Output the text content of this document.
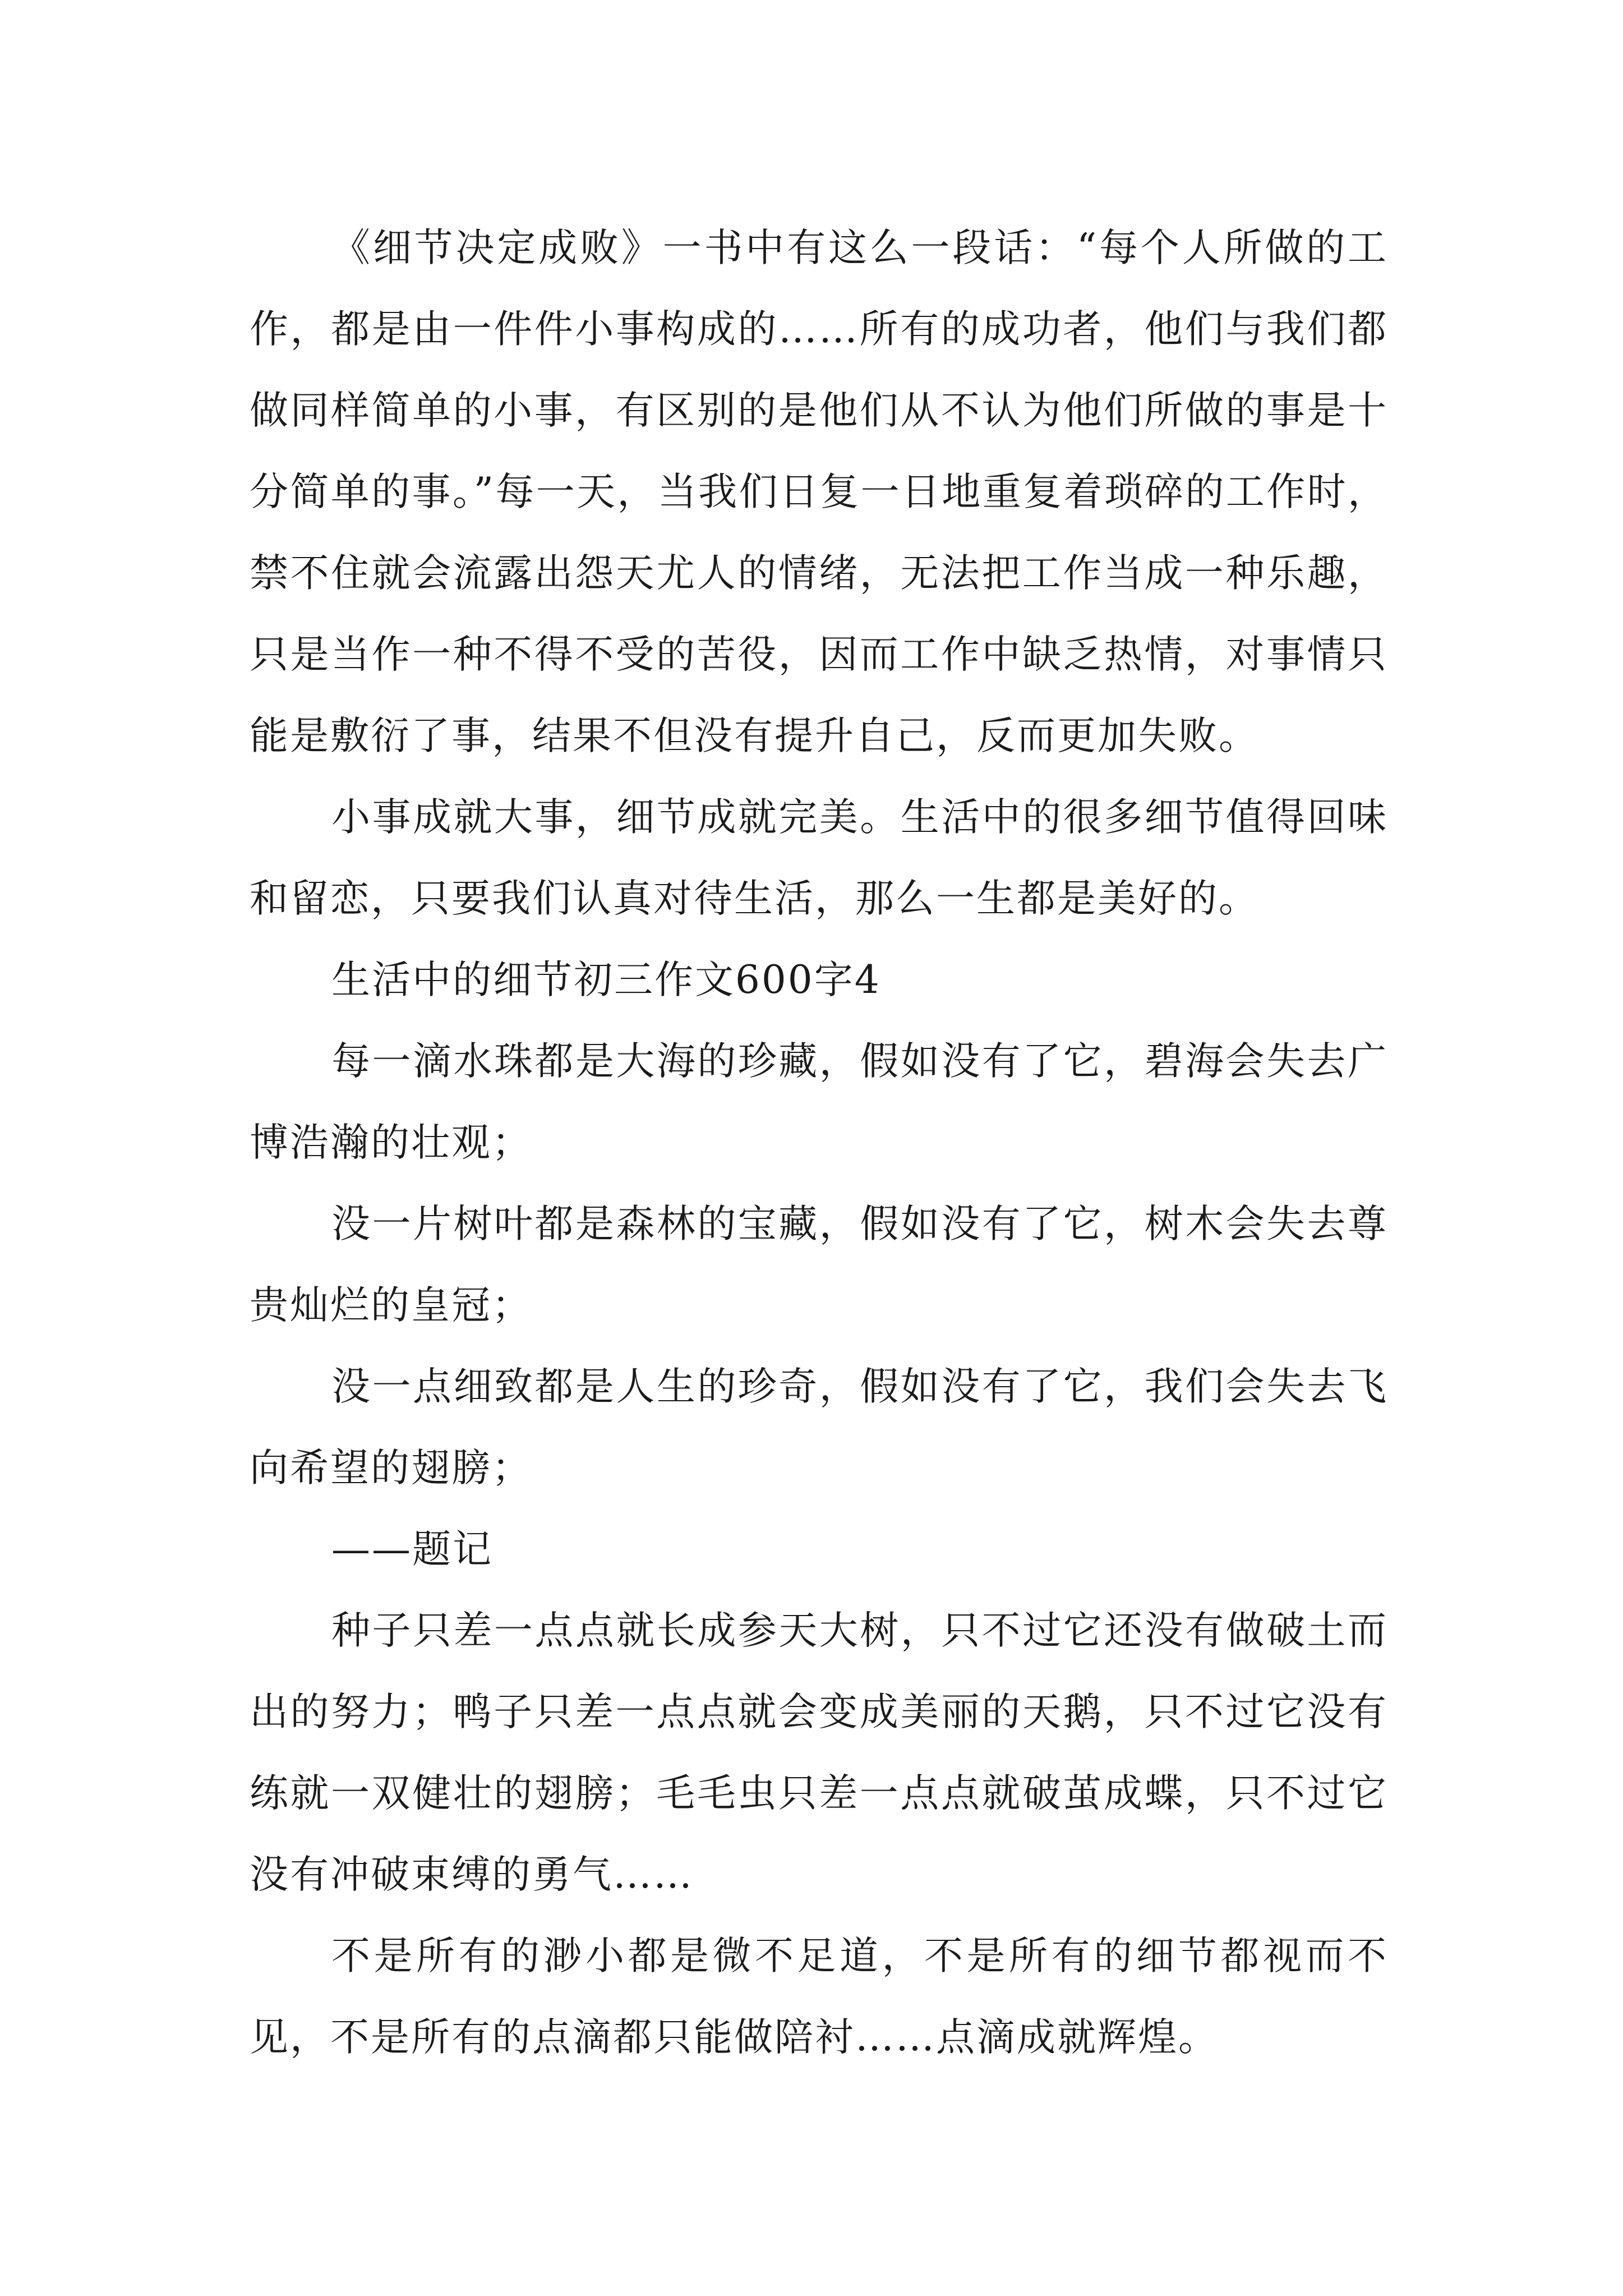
《细节决定成败》一书中有这么一段话：“每个人所做的工作，都是由一件件小事构成的……所有的成功者，他们与我们都做同样简单的小事，有区别的是他们从不认为他们所做的事是十分简单的事。”每一天，当我们日复一日地重复着琐碎的工作时，禁不住就会流露出怨天尤人的情绪，无法把工作当成一种乐趣，只是当作一种不得不受的苦役，因而工作中缺乏热情，对事情只能是敷衍了事，结果不但没有提升自己，反而更加失败。

小事成就大事，细节成就完美。生活中的很多细节值得回味和留恋，只要我们认真对待生活，那么一生都是美好的。

生活中的细节初三作文600字4

每一滴水珠都是大海的珍藏，假如没有了它，碧海会失去广博浩瀚的壮观；

没一片树叶都是森林的宝藏，假如没有了它，树木会失去尊贵灿烂的皇冠；

没一点细致都是人生的珍奇，假如没有了它，我们会失去飞向希望的翅膀；

——题记

种子只差一点点就长成参天大树，只不过它还没有做破土而出的努力；鸭子只差一点点就会变成美丽的天鹅，只不过它没有练就一双健壮的翅膀；毛毛虫只差一点点就破茧成蝶，只不过它没有冲破束缚的勇气……

不是所有的渺小都是微不足道，不是所有的细节都视而不见，不是所有的点滴都只能做陪衬……点滴成就辉煌。
